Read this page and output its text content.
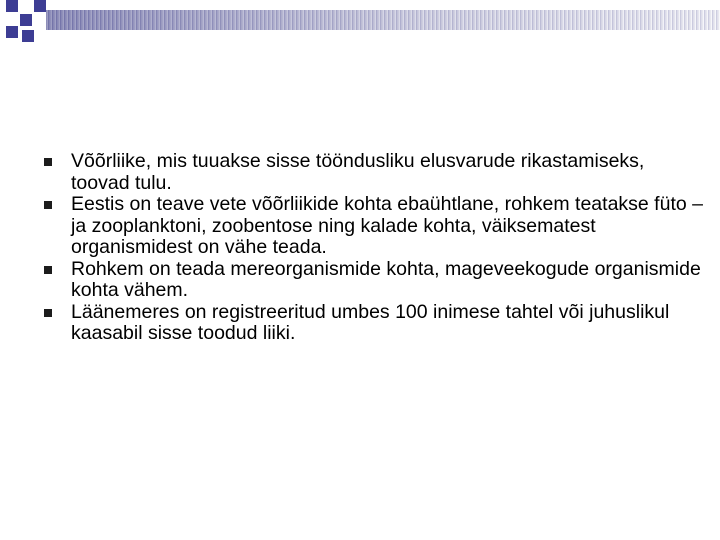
Võõrliike, mis tuuakse sisse tööndusliku elusvarude rikastamiseks, toovad tulu.
Eestis on teave vete võõrliikide kohta ebaühtlane, rohkem teatakse füto – ja zooplanktoni, zoobentose ning kalade kohta, väiksematest organismidest on vähe teada.
Rohkem on teada mereorganismide kohta, mageveekogude organismide kohta vähem.
Läänemeres on registreeritud umbes 100 inimese tahtel või juhuslikul kaasabil sisse toodud liiki.
